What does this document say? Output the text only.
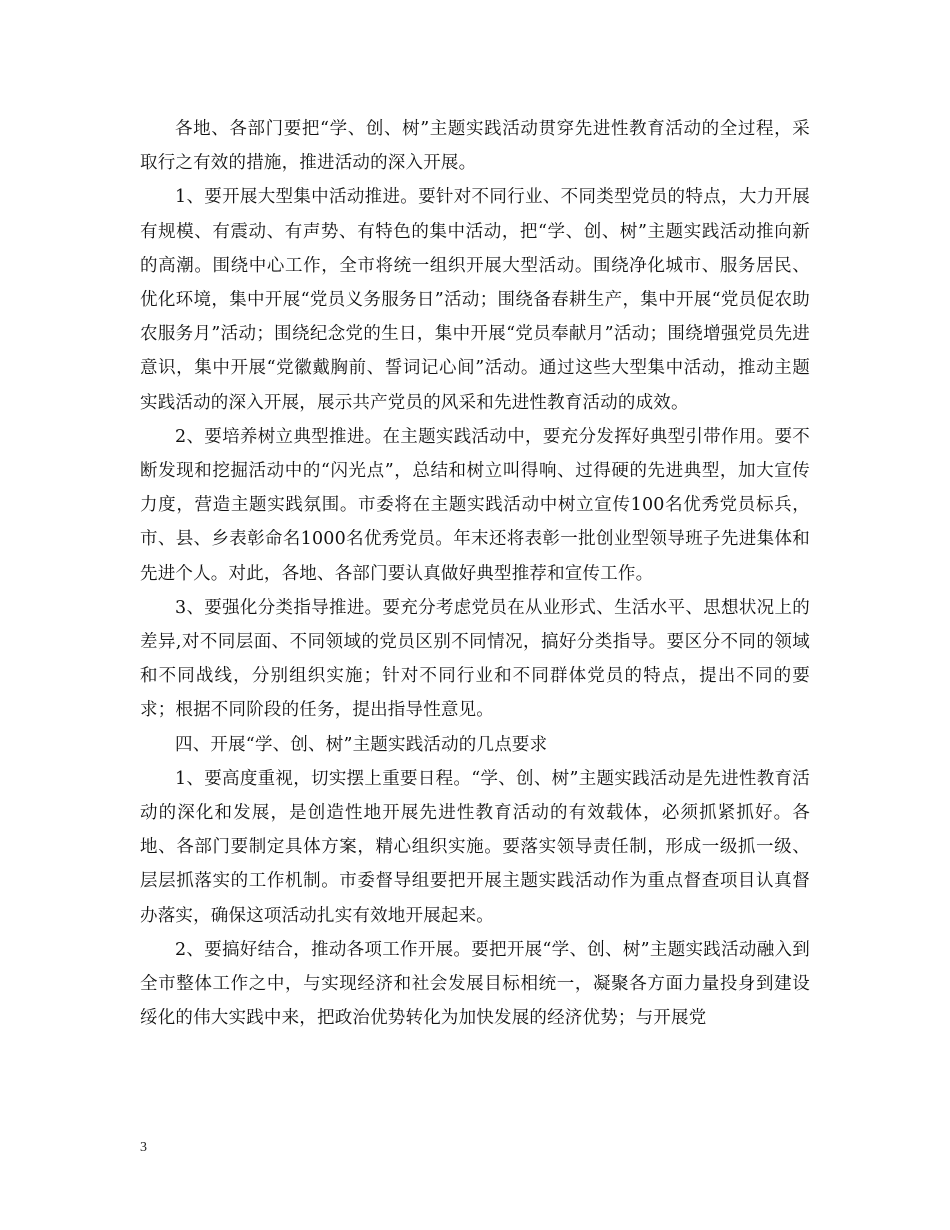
各地、各部门要把“学、创、树”主题实践活动贯穿先进性教育活动的全过程，采取行之有效的措施，推进活动的深入开展。

1、要开展大型集中活动推进。要针对不同行业、不同类型党员的特点，大力开展有规模、有震动、有声势、有特色的集中活动，把“学、创、树”主题实践活动推向新的高潮。围绕中心工作，全市将统一组织开展大型活动。围绕净化城市、服务居民、优化环境，集中开展“党员义务服务日”活动；围绕备春耕生产，集中开展“党员促农助农服务月”活动；围绕纪念党的生日，集中开展“党员奉献月”活动；围绕增强党员先进意识，集中开展“党徽戴胸前、誓词记心间”活动。通过这些大型集中活动，推动主题实践活动的深入开展，展示共产党员的风采和先进性教育活动的成效。

2、要培养树立典型推进。在主题实践活动中，要充分发挥好典型引带作用。要不断发现和挖掘活动中的“闪光点”，总结和树立叫得响、过得硬的先进典型，加大宣传力度，营造主题实践氛围。市委将在主题实践活动中树立宣传100名优秀党员标兵，市、县、乡表彰命名1000名优秀党员。年末还将表彰一批创业型领导班子先进集体和先进个人。对此，各地、各部门要认真做好典型推荐和宣传工作。

3、要强化分类指导推进。要充分考虑党员在从业形式、生活水平、思想状况上的差异,对不同层面、不同领域的党员区别不同情况，搞好分类指导。要区分不同的领域和不同战线，分别组织实施；针对不同行业和不同群体党员的特点，提出不同的要求；根据不同阶段的任务，提出指导性意见。

四、开展“学、创、树”主题实践活动的几点要求

1、要高度重视，切实摆上重要日程。“学、创、树”主题实践活动是先进性教育活动的深化和发展，是创造性地开展先进性教育活动的有效载体，必须抓紧抓好。各地、各部门要制定具体方案，精心组织实施。要落实领导责任制，形成一级抓一级、层层抓落实的工作机制。市委督导组要把开展主题实践活动作为重点督查项目认真督办落实，确保这项活动扎实有效地开展起来。

2、要搞好结合，推动各项工作开展。要把开展“学、创、树”主题实践活动融入到全市整体工作之中，与实现经济和社会发展目标相统一，凝聚各方面力量投身到建设绥化的伟大实践中来，把政治优势转化为加快发展的经济优势；与开展党

3
